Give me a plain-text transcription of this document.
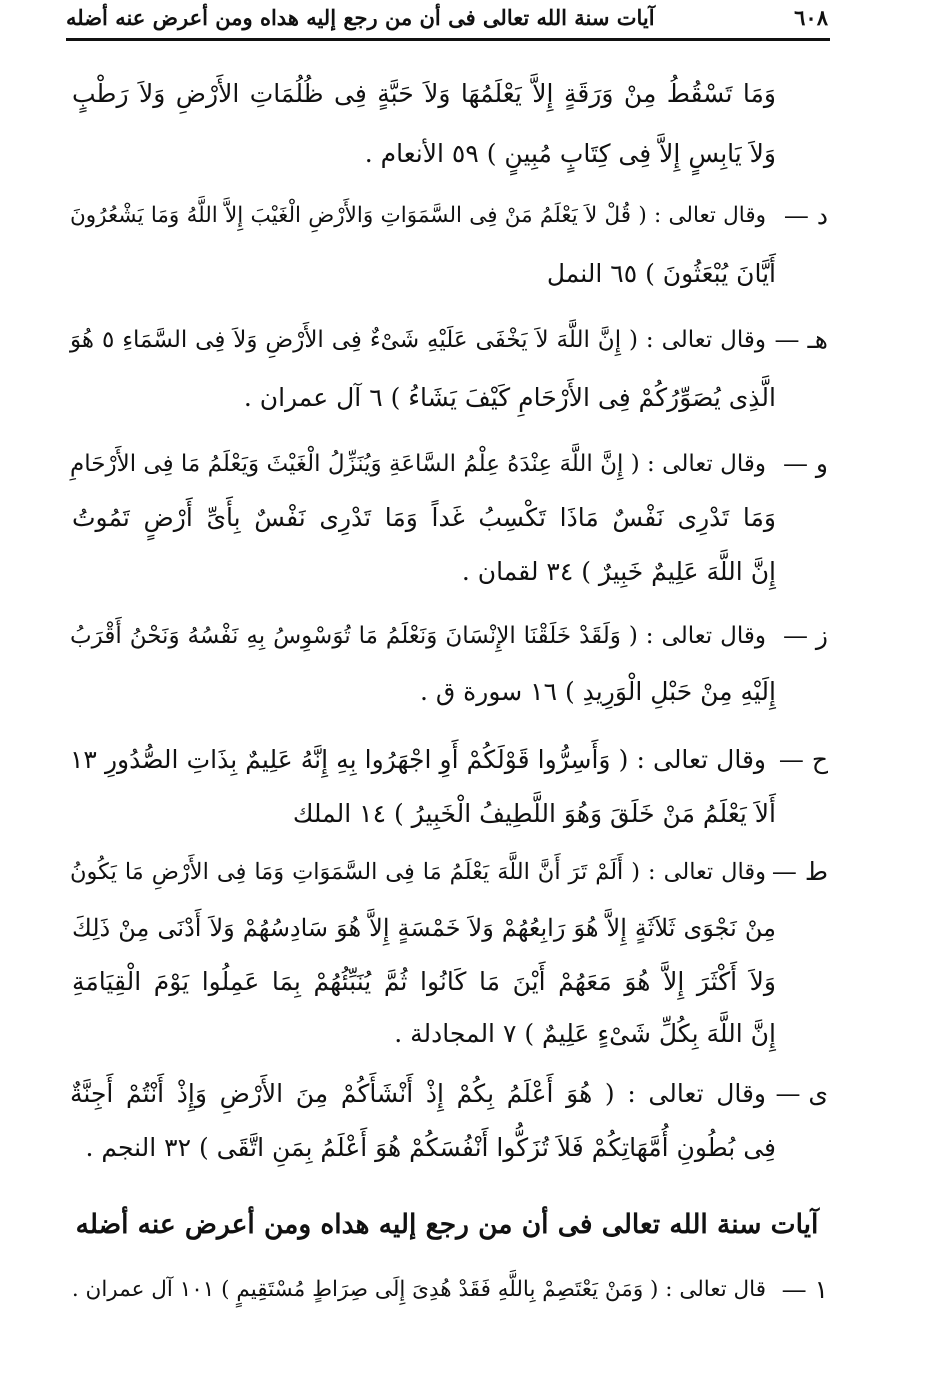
٦٠٨
آيات سنة الله تعالى فى أن من رجع إليه هداه ومن أعرض عنه أضله
وَمَا تَسْقُطُ مِنْ وَرَقَةٍ إِلاَّ يَعْلَمُهَا وَلاَ حَبَّةٍ فِى ظُلُمَاتِ الأَرْضِ وَلاَ رَطْبٍ
وَلاَ يَابِسٍ إِلاَّ فِى كِتَابٍ مُبِينٍ ) ٥٩ الأنعام .
د —
وقال تعالى : ( قُلْ لاَ يَعْلَمُ مَنْ فِى السَّمَوَاتِ وَالأَرْضِ الْغَيْبَ إِلاَّ اللَّهُ وَمَا يَشْعُرُونَ
أَيَّانَ يُبْعَثُونَ ) ٦٥ النمل
هـ —
وقال تعالى : ( إِنَّ اللَّهَ لاَ يَخْفَى عَلَيْهِ شَىْءٌ فِى الأَرْضِ وَلاَ فِى السَّمَاءِ ٥ هُوَ
الَّذِى يُصَوِّرُكُمْ فِى الأَرْحَامِ كَيْفَ يَشَاءُ ) ٦ آل عمران .
و —
وقال تعالى : ( إِنَّ اللَّهَ عِنْدَهُ عِلْمُ السَّاعَةِ وَيُنَزِّلُ الْغَيْثَ وَيَعْلَمُ مَا فِى الأَرْحَامِ
وَمَا تَدْرِى نَفْسٌ مَاذَا تَكْسِبُ غَداً وَمَا تَدْرِى نَفْسٌ بِأَىِّ أَرْضٍ تَمُوتُ
إِنَّ اللَّهَ عَلِيمٌ خَبِيرٌ ) ٣٤ لقمان .
ز —
وقال تعالى : ( وَلَقَدْ خَلَقْنَا الإِنْسَانَ وَنَعْلَمُ مَا تُوَسْوِسُ بِهِ نَفْسُهُ وَنَحْنُ أَقْرَبُ
إِلَيْهِ مِنْ حَبْلِ الْوَرِيدِ ) ١٦ سورة ق .
ح —
وقال تعالى : ( وَأَسِرُّوا قَوْلَكُمْ أَوِ اجْهَرُوا بِهِ إِنَّهُ عَلِيمٌ بِذَاتِ الصُّدُورِ ١٣
أَلاَ يَعْلَمُ مَنْ خَلَقَ وَهُوَ اللَّطِيفُ الْخَبِيرُ ) ١٤ الملك
ط —
وقال تعالى : ( أَلَمْ تَرَ أَنَّ اللَّهَ يَعْلَمُ مَا فِى السَّمَوَاتِ وَمَا فِى الأَرْضِ مَا يَكُونُ
مِنْ نَجْوَى ثَلاَثَةٍ إِلاَّ هُوَ رَابِعُهُمْ وَلاَ خَمْسَةٍ إِلاَّ هُوَ سَادِسُهُمْ وَلاَ أَدْنَى مِنْ ذَلِكَ
وَلاَ أَكْثَرَ إِلاَّ هُوَ مَعَهُمْ أَيْنَ مَا كَانُوا ثُمَّ يُنَبِّئُهُمْ بِمَا عَمِلُوا يَوْمَ الْقِيَامَةِ
إِنَّ اللَّهَ بِكُلِّ شَىْءٍ عَلِيمٌ ) ٧ المجادلة .
ى —
وقال تعالى : ( هُوَ أَعْلَمُ بِكُمْ إِذْ أَنْشَأَكُمْ مِنَ الأَرْضِ وَإِذْ أَنْتُمْ أَجِنَّةٌ
فِى بُطُونِ أُمَّهَاتِكُمْ فَلاَ تُزَكُّوا أَنْفُسَكُمْ هُوَ أَعْلَمُ بِمَنِ اتَّقَى ) ٣٢ النجم .
آيات سنة الله تعالى فى أن من رجع إليه هداه ومن أعرض عنه أضله
١ —
قال تعالى : ( وَمَنْ يَعْتَصِمْ بِاللَّهِ فَقَدْ هُدِىَ إِلَى صِرَاطٍ مُسْتَقِيمٍ ) ١٠١ آل عمران .
